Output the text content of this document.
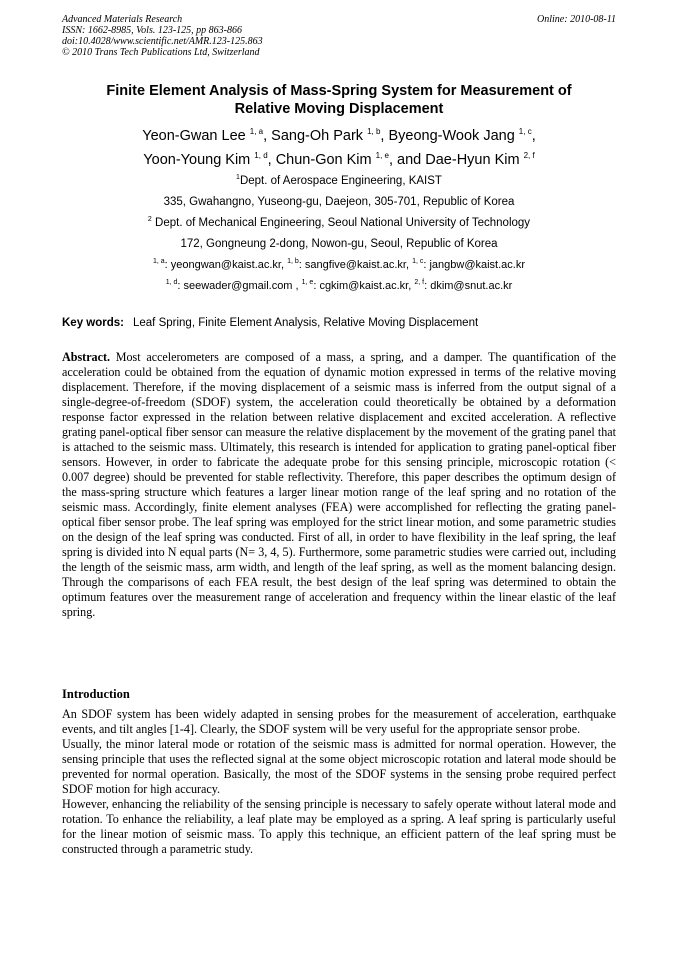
Advanced Materials Research
ISSN: 1662-8985, Vols. 123-125, pp 863-866
doi:10.4028/www.scientific.net/AMR.123-125.863
© 2010 Trans Tech Publications Ltd, Switzerland
Online: 2010-08-11
Finite Element Analysis of Mass-Spring System for Measurement of
Relative Moving Displacement
Yeon-Gwan Lee $^{1, a}$, Sang-Oh Park $^{1, b}$, Byeong-Wook Jang $^{1, c}$,
Yoon-Young Kim $^{1, d}$, Chun-Gon Kim $^{1, e}$, and Dae-Hyun Kim $^{2, f}$
$^1$Dept. of Aerospace Engineering, KAIST
335, Gwahangno, Yuseong-gu, Daejeon, 305-701, Republic of Korea
$^2$ Dept. of Mechanical Engineering, Seoul National University of Technology
172, Gongneung 2-dong, Nowon-gu, Seoul, Republic of Korea
$^{1, a}$: yeongwan@kaist.ac.kr, $^{1, b}$: sangfive@kaist.ac.kr, $^{1, c}$: jangbw@kaist.ac.kr
$^{1, d}$: seewader@gmail.com , $^{1, e}$: cgkim@kaist.ac.kr, $^{2, f}$: dkim@snut.ac.kr
Key words: Leaf Spring, Finite Element Analysis, Relative Moving Displacement
Abstract. Most accelerometers are composed of a mass, a spring, and a damper. The quantification of the acceleration could be obtained from the equation of dynamic motion expressed in terms of the relative moving displacement. Therefore, if the moving displacement of a seismic mass is inferred from the output signal of a single-degree-of-freedom (SDOF) system, the acceleration could theoretically be obtained by a deformation response factor expressed in the relation between relative displacement and excited acceleration. A reflective grating panel-optical fiber sensor can measure the relative displacement by the movement of the grating panel that is attached to the seismic mass. Ultimately, this research is intended for application to grating panel-optical fiber sensors. However, in order to fabricate the adequate probe for this sensing principle, microscopic rotation (< 0.007 degree) should be prevented for stable reflectivity. Therefore, this paper describes the optimum design of the mass-spring structure which features a larger linear motion range of the leaf spring and no rotation of the seismic mass. Accordingly, finite element analyses (FEA) were accomplished for reflecting the grating panel-optical fiber sensor probe. The leaf spring was employed for the strict linear motion, and some parametric studies on the design of the leaf spring was conducted. First of all, in order to have flexibility in the leaf spring, the leaf spring is divided into N equal parts (N= 3, 4, 5). Furthermore, some parametric studies were carried out, including the length of the seismic mass, arm width, and length of the leaf spring, as well as the moment balancing design. Through the comparisons of each FEA result, the best design of the leaf spring was determined to obtain the optimum features over the measurement range of acceleration and frequency within the linear elastic of the leaf spring.
Introduction

An SDOF system has been widely adapted in sensing probes for the measurement of acceleration, earthquake events, and tilt angles [1-4]. Clearly, the SDOF system will be very useful for the appropriate sensor probe.

Usually, the minor lateral mode or rotation of the seismic mass is admitted for normal operation. However, the sensing principle that uses the reflected signal at the some object microscopic rotation and lateral mode should be prevented for normal operation. Basically, the most of the SDOF systems in the sensing probe required perfect SDOF motion for high accuracy.

However, enhancing the reliability of the sensing principle is necessary to safely operate without lateral mode and rotation. To enhance the reliability, a leaf plate may be employed as a spring. A leaf spring is particularly useful for the linear motion of seismic mass. To apply this technique, an efficient pattern of the leaf spring must be constructed through a parametric study.
